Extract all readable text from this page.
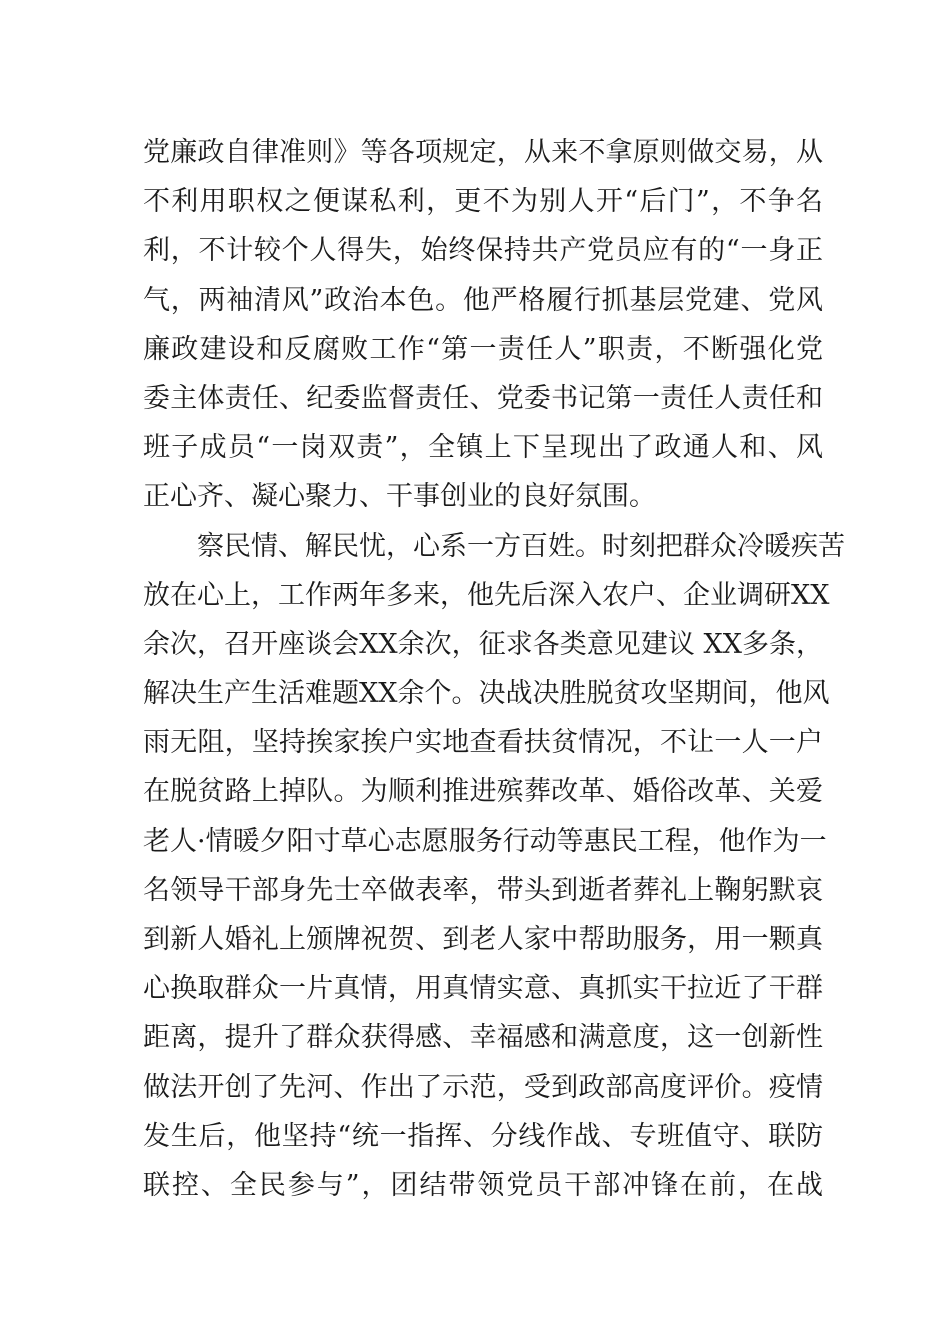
党廉政自律准则》等各项规定，从来不拿原则做交易，从
不利用职权之便谋私利，更不为别人开“后门”，不争名
利，不计较个人得失，始终保持共产党员应有的“一身正
气，两袖清风”政治本色。他严格履行抓基层党建、党风
廉政建设和反腐败工作“第一责任人”职责，不断强化党
委主体责任、纪委监督责任、党委书记第一责任人责任和
班子成员“一岗双责”，全镇上下呈现出了政通人和、风
正心齐、凝心聚力、干事创业的良好氛围。
察民情、解民忧，心系一方百姓。时刻把群众冷暖疾苦
放在心上，工作两年多来，他先后深入农户、企业调研XX
余次，召开座谈会XX余次，征求各类意见建议 XX多条，
解决生产生活难题XX余个。决战决胜脱贫攻坚期间，他风
雨无阻，坚持挨家挨户实地查看扶贫情况，不让一人一户
在脱贫路上掉队。为顺利推进殡葬改革、婚俗改革、关爱
老人·情暖夕阳寸草心志愿服务行动等惠民工程，他作为一
名领导干部身先士卒做表率，带头到逝者葬礼上鞠躬默哀
到新人婚礼上颁牌祝贺、到老人家中帮助服务，用一颗真
心换取群众一片真情，用真情实意、真抓实干拉近了干群
距离，提升了群众获得感、幸福感和满意度，这一创新性
做法开创了先河、作出了示范，受到政部高度评价。疫情
发生后，他坚持“统一指挥、分线作战、专班值守、联防
联控、全民参与”，团结带领党员干部冲锋在前，在战
